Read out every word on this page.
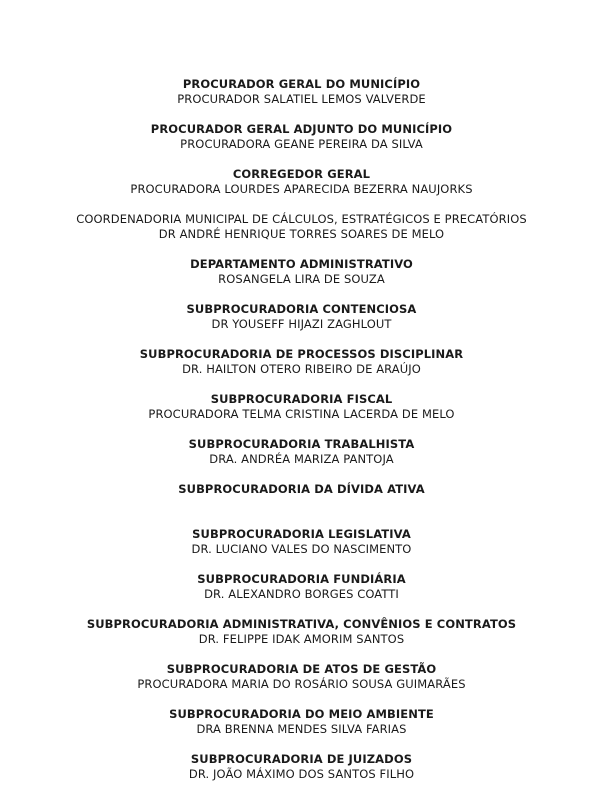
PROCURADOR GERAL DO MUNICÍPIO
PROCURADOR SALATIEL LEMOS VALVERDE
PROCURADOR GERAL ADJUNTO DO MUNICÍPIO
PROCURADORA GEANE PEREIRA DA SILVA
CORREGEDOR GERAL
PROCURADORA LOURDES APARECIDA BEZERRA NAUJORKS
COORDENADORIA MUNICIPAL DE CÁLCULOS, ESTRATÉGICOS E PRECATÓRIOS
DR ANDRÉ HENRIQUE TORRES SOARES DE MELO
DEPARTAMENTO ADMINISTRATIVO
ROSANGELA LIRA DE SOUZA
SUBPROCURADORIA CONTENCIOSA
DR YOUSEFF HIJAZI ZAGHLOUT
SUBPROCURADORIA DE PROCESSOS DISCIPLINAR
DR. HAILTON OTERO RIBEIRO DE ARAÚJO
SUBPROCURADORIA FISCAL
PROCURADORA TELMA CRISTINA LACERDA DE MELO
SUBPROCURADORIA TRABALHISTA
DRA. ANDRÉA MARIZA PANTOJA
SUBPROCURADORIA DA DÍVIDA ATIVA

SUBPROCURADORIA LEGISLATIVA
DR. LUCIANO VALES DO NASCIMENTO
SUBPROCURADORIA FUNDIÁRIA
DR. ALEXANDRO BORGES COATTI
SUBPROCURADORIA ADMINISTRATIVA, CONVÊNIOS E CONTRATOS
DR. FELIPPE IDAK AMORIM SANTOS
SUBPROCURADORIA DE ATOS DE GESTÃO
PROCURADORA MARIA DO ROSÁRIO SOUSA GUIMARÃES
SUBPROCURADORIA DO MEIO AMBIENTE
DRA BRENNA MENDES SILVA FARIAS
SUBPROCURADORIA DE JUIZADOS
DR. JOÃO MÁXIMO DOS SANTOS FILHO
